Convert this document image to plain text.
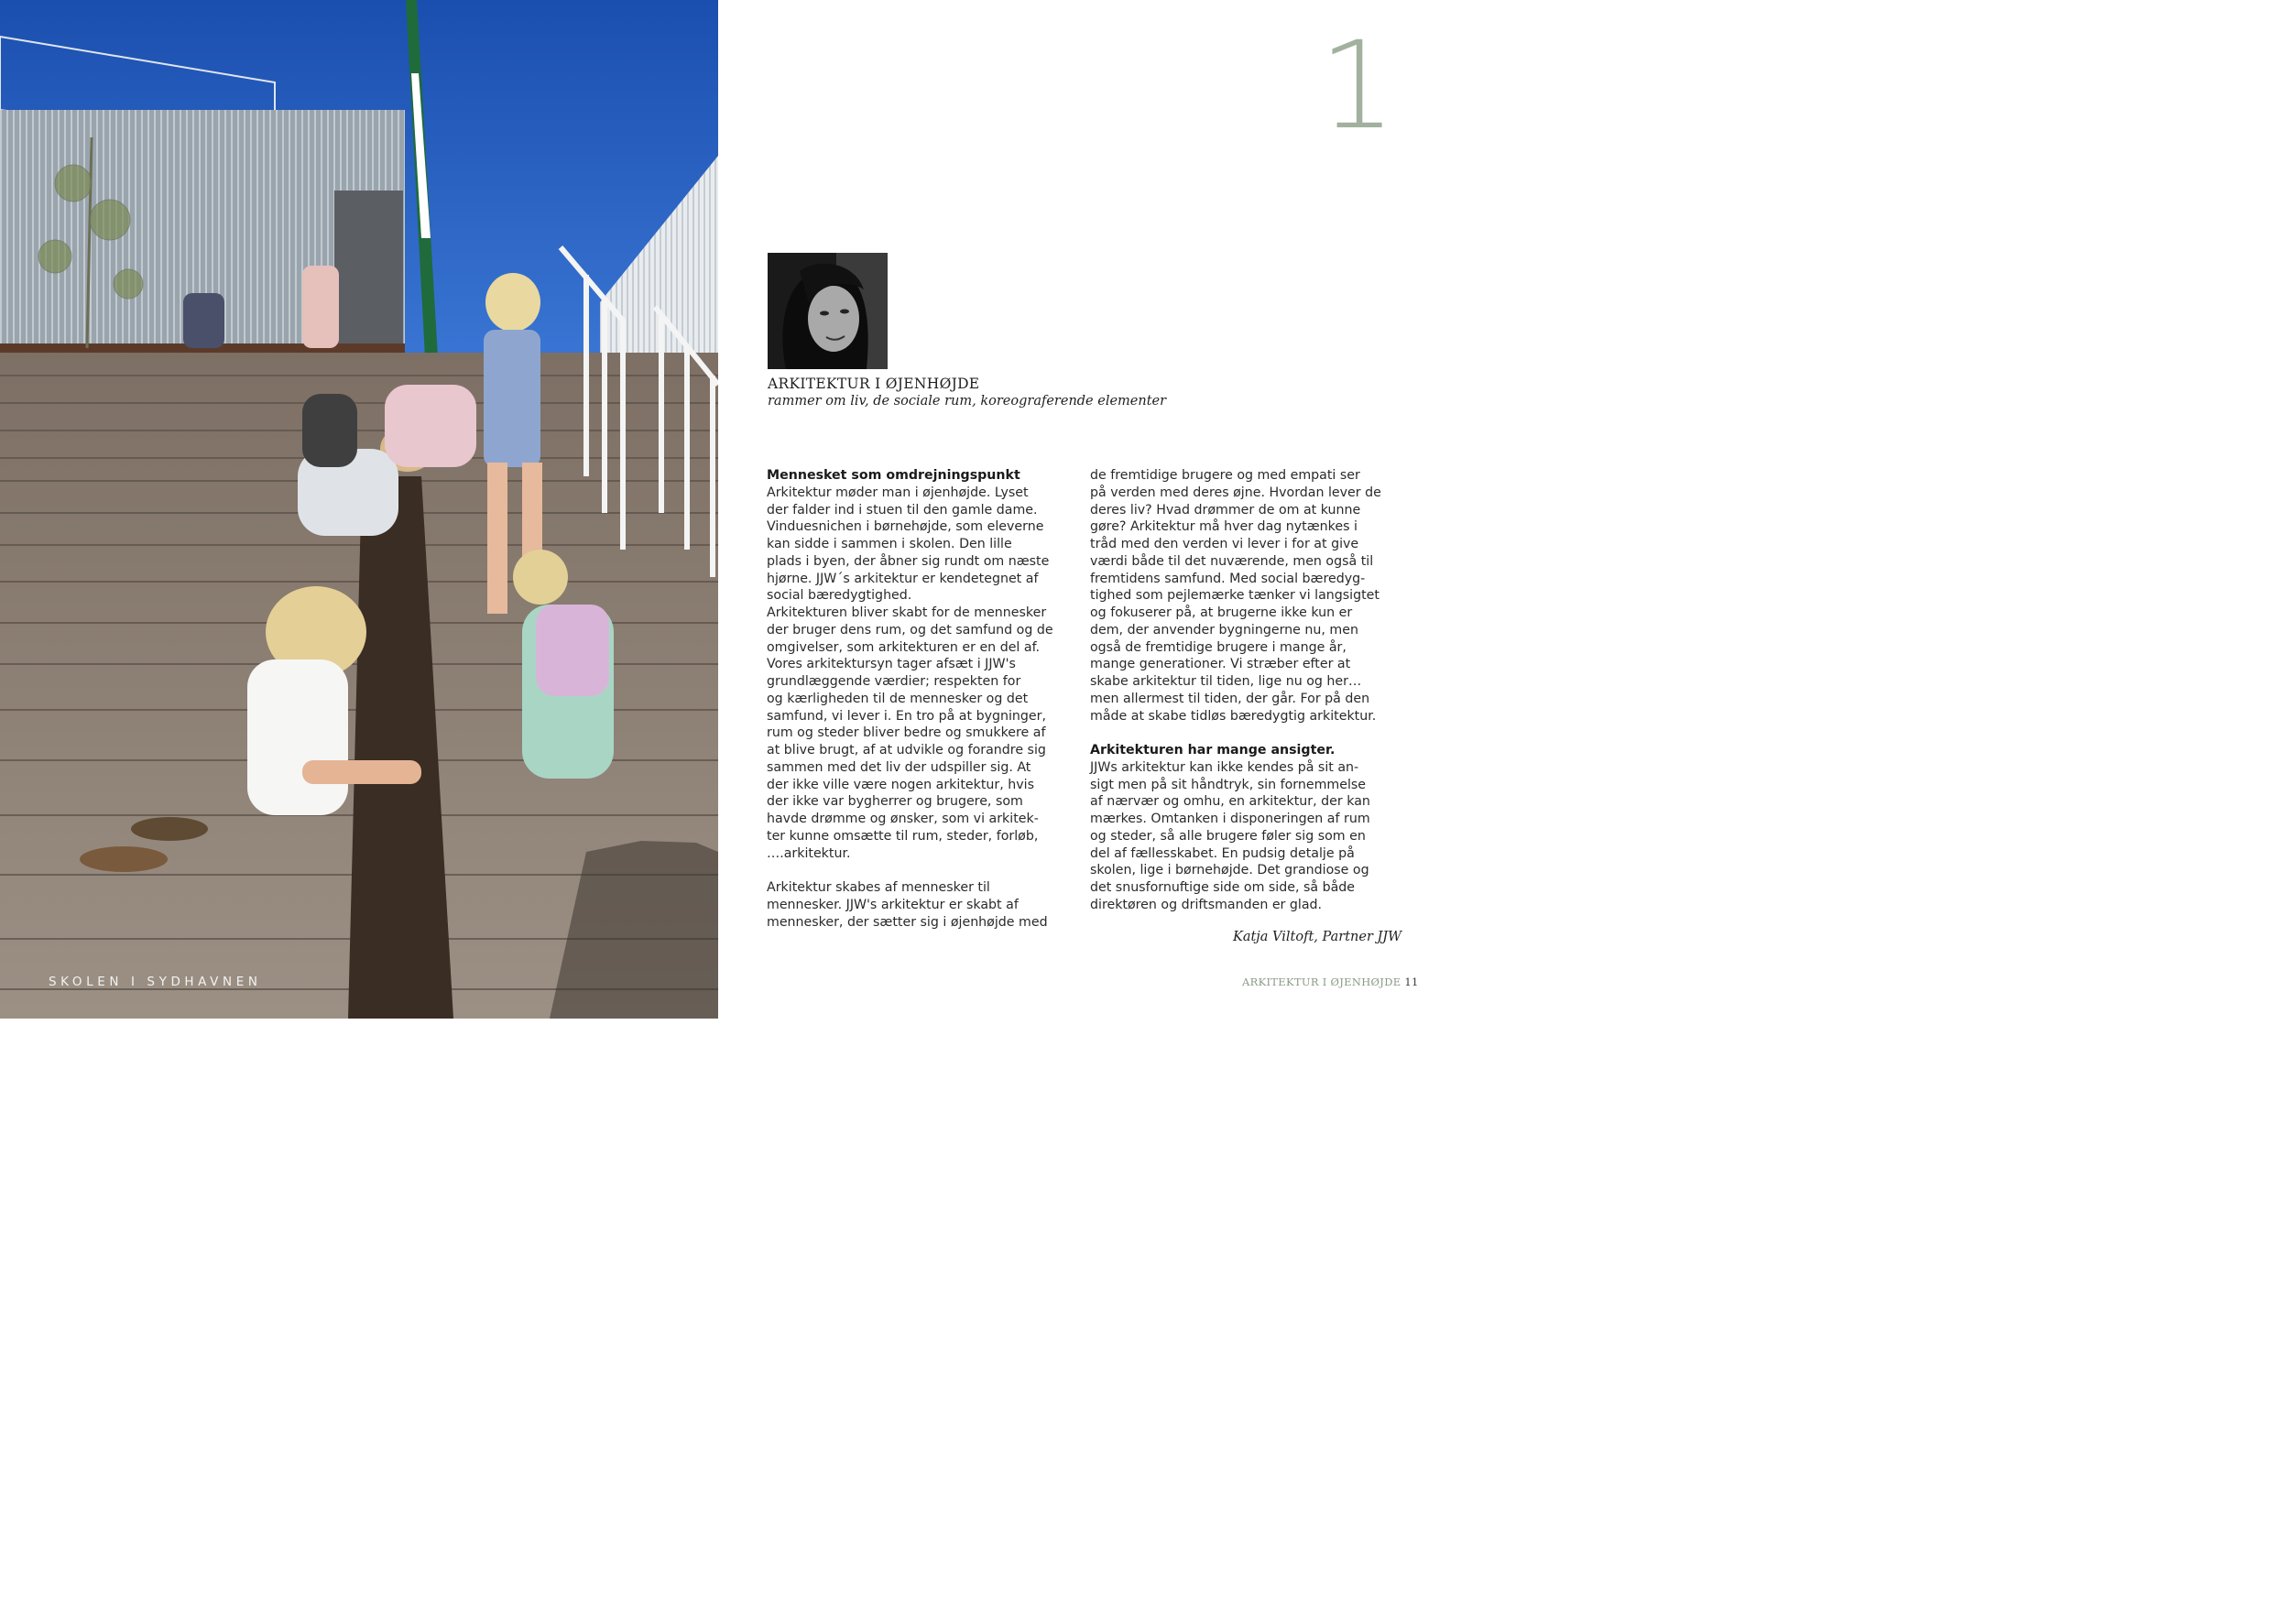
SKOLEN I SYDHAVNEN
1
ARKITEKTUR I ØJENHØJDE
rammer om liv, de sociale rum, koreograferende elementer
Mennesket som omdrejningspunkt
Arkitektur møder man i øjenhøjde. Lyset
der falder ind i stuen til den gamle dame.
Vinduesnichen i børnehøjde, som eleverne
kan sidde i sammen i skolen. Den lille
plads i byen, der åbner sig rundt om næste
hjørne. JJW´s arkitektur er kendetegnet af
social bæredygtighed.
Arkitekturen bliver skabt for de mennesker
der bruger dens rum, og det samfund og de
omgivelser, som arkitekturen er en del af.
Vores arkitektursyn tager afsæt i JJW's
grundlæggende værdier; respekten for
og kærligheden til de mennesker og det
samfund, vi lever i. En tro på at bygninger,
rum og steder bliver bedre og smukkere af
at blive brugt, af at udvikle og forandre sig
sammen med det liv der udspiller sig. At
der ikke ville være nogen arkitektur, hvis
der ikke var bygherrer og brugere, som
havde drømme og ønsker, som vi arkitek-
ter kunne omsætte til rum, steder, forløb,
….arkitektur.
Arkitektur skabes af mennesker til
mennesker. JJW's arkitektur er skabt af
mennesker, der sætter sig i øjenhøjde med
de fremtidige brugere og med empati ser
på verden med deres øjne. Hvordan lever de
deres liv? Hvad drømmer de om at kunne
gøre? Arkitektur må hver dag nytænkes i
tråd med den verden vi lever i for at give
værdi både til det nuværende, men også til
fremtidens samfund. Med social bæredyg-
tighed som pejlemærke tænker vi langsigtet
og fokuserer på, at brugerne ikke kun er
dem, der anvender bygningerne nu, men
også de fremtidige brugere i mange år,
mange generationer. Vi stræber efter at
skabe arkitektur til tiden, lige nu og her…
men allermest til tiden, der går. For på den
måde at skabe tidløs bæredygtig arkitektur.
Arkitekturen har mange ansigter.
JJWs arkitektur kan ikke kendes på sit an-
sigt men på sit håndtryk, sin fornemmelse
af nærvær og omhu, en arkitektur, der kan
mærkes. Omtanken i disponeringen af rum
og steder, så alle brugere føler sig som en
del af fællesskabet. En pudsig detalje på
skolen, lige i børnehøjde. Det grandiose og
det snusfornuftige side om side, så både
direktøren og driftsmanden er glad.
Katja Viltoft, Partner JJW
ARKITEKTUR I ØJENHØJDE 11
